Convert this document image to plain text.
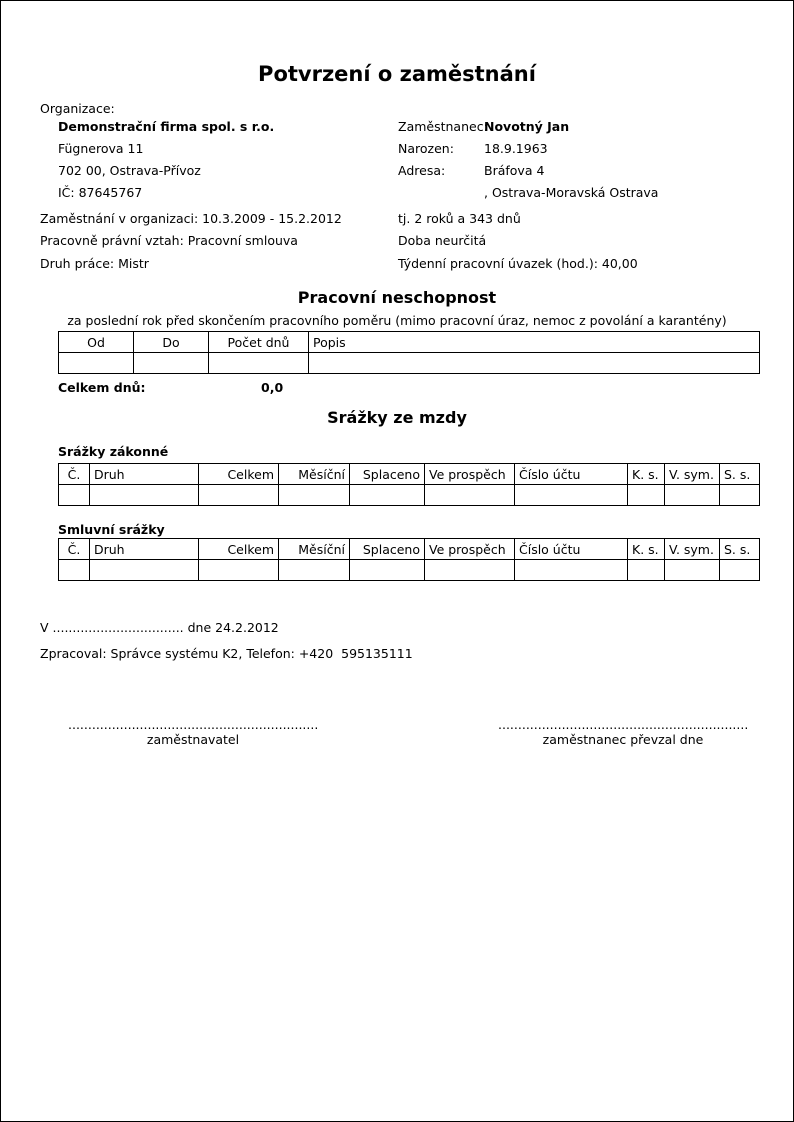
Potvrzení o zaměstnání
Organizace:
Demonstrační firma spol. s r.o.
Fügnerova 11
702 00, Ostrava-Přívoz
IČ: 87645767
Zaměstnanec:
Novotný Jan
Narozen: 18.9.1963
Adresa:	Bráfova 4
, Ostrava-Moravská Ostrava
Zaměstnání v organizaci: 10.3.2009 - 15.2.2012	tj. 2 roků a 343 dnů
Pracovně právní vztah: Pracovní smlouva	Doba neurčitá
Druh práce: Mistr	Týdenní pracovní úvazek (hod.): 40,00
Pracovní neschopnost
za poslední rok před skončením pracovního poměru (mimo pracovní úraz, nemoc z povolání a karantény)
Od	Do	Počet dnů	Popis

Celkem dnů:	0,0
Srážky ze mzdy
Srážky zákonné
Č.	Druh	Celkem	Měsíční	Splaceno	Ve prospěch	Číslo účtu	K. s.	V. sym.	S. s.

Smluvní srážky
Č.	Druh	Celkem	Měsíční	Splaceno	Ve prospěch	Číslo účtu	K. s.	V. sym.	S. s.

V ................................. dne 24.2.2012
Zpracoval: Správce systému K2, Telefon: +420  595135111
...............................................................
zaměstnavatel
...............................................................
zaměstnanec převzal dne
